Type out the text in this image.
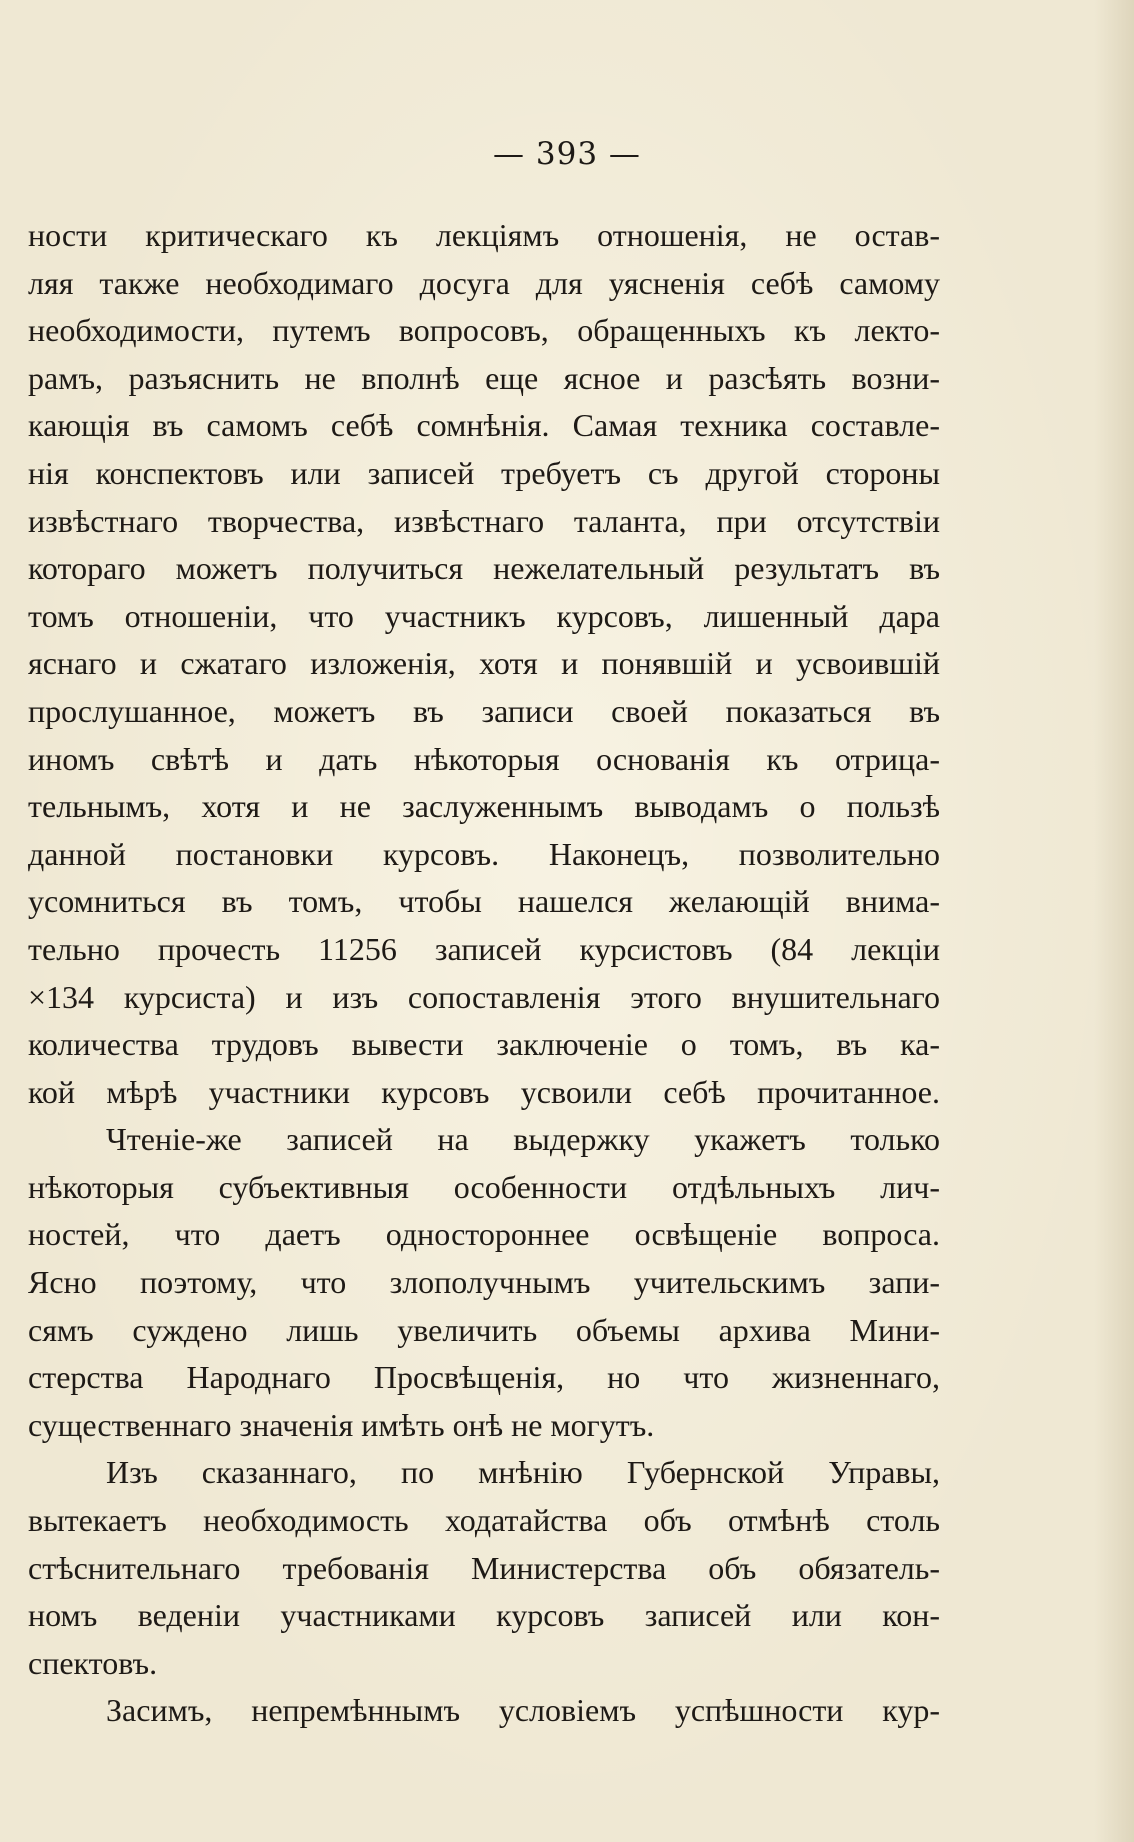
— 393 —
ности критическаго къ лекціямъ отношенія, не остав-
ляя также необходимаго досуга для уясненія себѣ самому
необходимости, путемъ вопросовъ, обращенныхъ къ лекто-
рамъ, разъяснить не вполнѣ еще ясное и разсѣять возни-
кающія въ самомъ себѣ сомнѣнія. Самая техника составле-
нія конспектовъ или записей требуетъ съ другой стороны
извѣстнаго творчества, извѣстнаго таланта, при отсутствіи
котораго можетъ получиться нежелательный результатъ въ
томъ отношеніи, что участникъ курсовъ, лишенный дара
яснаго и сжатаго изложенія, хотя и понявшій и усвоившій
прослушанное, можетъ въ записи своей показаться въ
иномъ свѣтѣ и дать нѣкоторыя основанія къ отрица-
тельнымъ, хотя и не заслуженнымъ выводамъ о пользѣ
данной постановки курсовъ. Наконецъ, позволительно
усомниться въ томъ, чтобы нашелся желающій внима-
тельно прочесть 11256 записей курсистовъ (84 лекціи
×134 курсиста) и изъ сопоставленія этого внушительнаго
количества трудовъ вывести заключеніе о томъ, въ ка-
кой мѣрѣ участники курсовъ усвоили себѣ прочитанное.
Чтеніе-же записей на выдержку укажетъ только
нѣкоторыя субъективныя особенности отдѣльныхъ лич-
ностей, что даетъ одностороннее освѣщеніе вопроса.
Ясно поэтому, что злополучнымъ учительскимъ запи-
сямъ суждено лишь увеличить объемы архива Мини-
стерства Народнаго Просвѣщенія, но что жизненнаго,
существеннаго значенія имѣть онѣ не могутъ.
Изъ сказаннаго, по мнѣнію Губернской Управы,
вытекаетъ необходимость ходатайства объ отмѣнѣ столь
стѣснительнаго требованія Министерства объ обязатель-
номъ веденіи участниками курсовъ записей или кон-
спектовъ.
Засимъ, непремѣннымъ условіемъ успѣшности кур-
